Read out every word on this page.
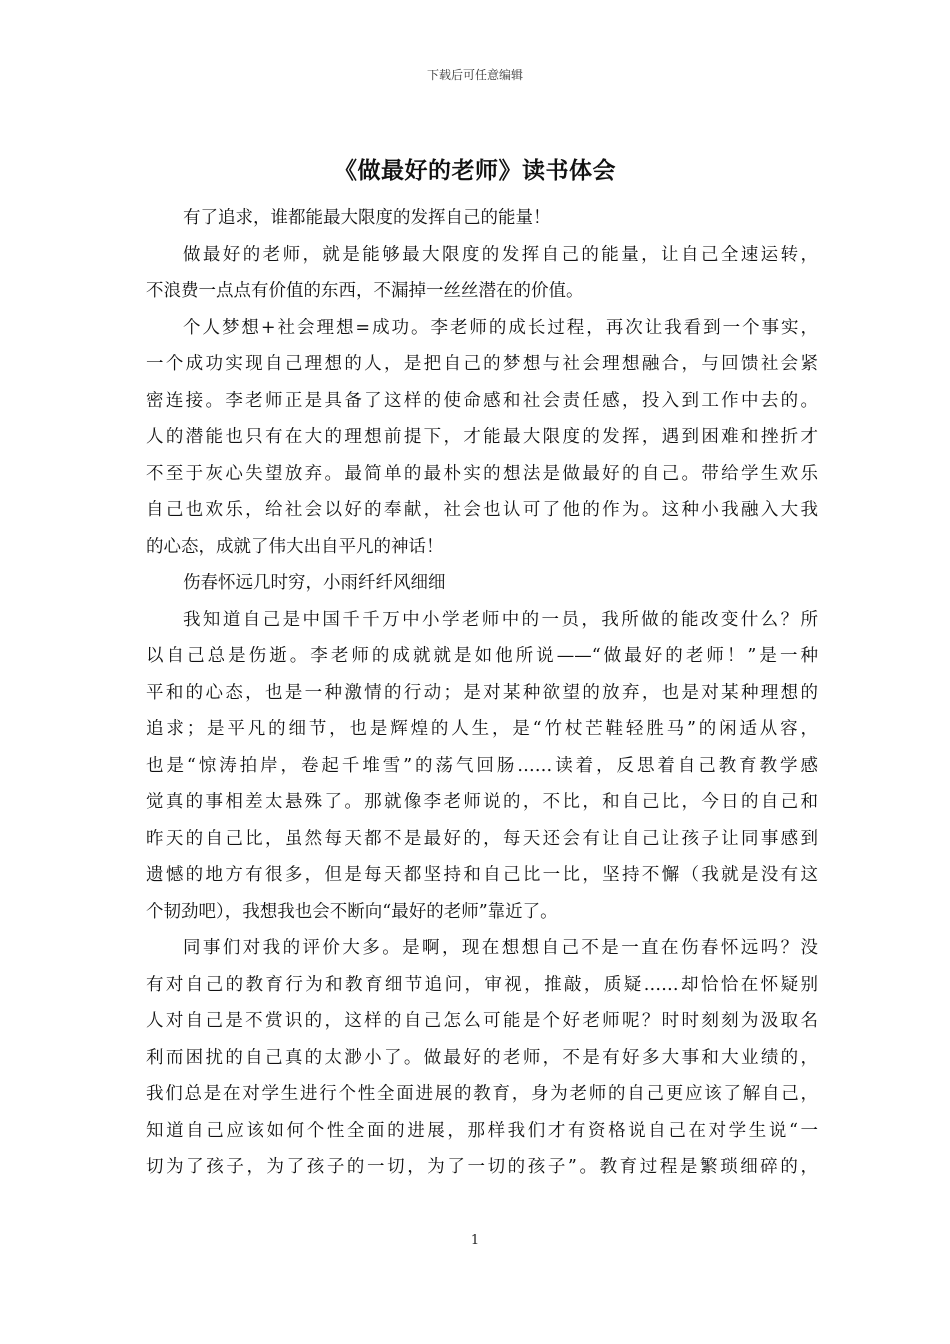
下载后可任意编辑
《做最好的老师》读书体会
有了追求，谁都能最大限度的发挥自己的能量！
做最好的老师，就是能够最大限度的发挥自己的能量，让自己全速运转，
不浪费一点点有价值的东西，不漏掉一丝丝潜在的价值。
个人梦想+社会理想=成功。李老师的成长过程，再次让我看到一个事实，
一个成功实现自己理想的人，是把自己的梦想与社会理想融合，与回馈社会紧
密连接。李老师正是具备了这样的使命感和社会责任感，投入到工作中去的。
人的潜能也只有在大的理想前提下，才能最大限度的发挥，遇到困难和挫折才
不至于灰心失望放弃。最简单的最朴实的想法是做最好的自己。带给学生欢乐
自己也欢乐，给社会以好的奉献，社会也认可了他的作为。这种小我融入大我
的心态，成就了伟大出自平凡的神话！
伤春怀远几时穷，小雨纤纤风细细
我知道自己是中国千千万中小学老师中的一员，我所做的能改变什么？所
以自己总是伤逝。李老师的成就就是如他所说——“做最好的老师！”是一种
平和的心态，也是一种激情的行动；是对某种欲望的放弃，也是对某种理想的
追求；是平凡的细节，也是辉煌的人生，是“竹杖芒鞋轻胜马”的闲适从容，
也是“惊涛拍岸，卷起千堆雪”的荡气回肠……读着，反思着自己教育教学感
觉真的事相差太悬殊了。那就像李老师说的，不比，和自己比，今日的自己和
昨天的自己比，虽然每天都不是最好的，每天还会有让自己让孩子让同事感到
遗憾的地方有很多，但是每天都坚持和自己比一比，坚持不懈（我就是没有这
个韧劲吧），我想我也会不断向“最好的老师”靠近了。
同事们对我的评价大多。是啊，现在想想自己不是一直在伤春怀远吗？没
有对自己的教育行为和教育细节追问，审视，推敲，质疑……却恰恰在怀疑别
人对自己是不赏识的，这样的自己怎么可能是个好老师呢？时时刻刻为汲取名
利而困扰的自己真的太渺小了。做最好的老师，不是有好多大事和大业绩的，
我们总是在对学生进行个性全面进展的教育，身为老师的自己更应该了解自己，
知道自己应该如何个性全面的进展，那样我们才有资格说自己在对学生说“一
切为了孩子，为了孩子的一切，为了一切的孩子”。教育过程是繁琐细碎的，
1
